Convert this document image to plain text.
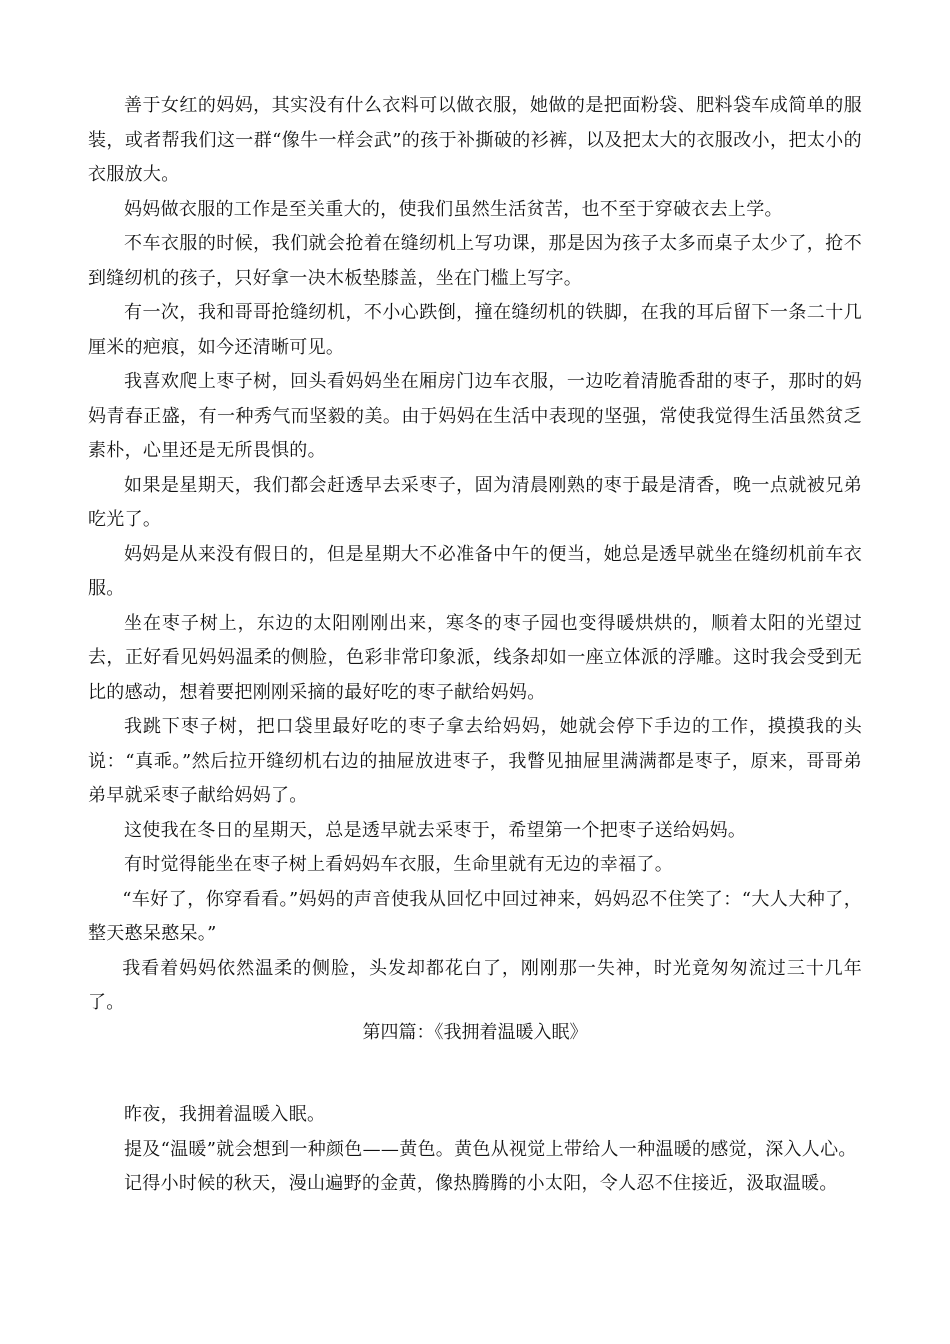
善于女红的妈妈，其实没有什么衣料可以做衣服，她做的是把面粉袋、肥料袋车成简单的服装，或者帮我们这一群“像牛一样会武”的孩于补撕破的衫裤，以及把太大的衣服改小，把太小的衣服放大。

妈妈做衣服的工作是至关重大的，使我们虽然生活贫苦，也不至于穿破衣去上学。

不车衣服的时候，我们就会抢着在缝纫机上写功课，那是因为孩子太多而桌子太少了，抢不到缝纫机的孩子，只好拿一决木板垫膝盖，坐在门槛上写字。

有一次，我和哥哥抢缝纫机，不小心跌倒，撞在缝纫机的铁脚，在我的耳后留下一条二十几厘米的疤痕，如今还清晰可见。

我喜欢爬上枣子树，回头看妈妈坐在厢房门边车衣服，一边吃着清脆香甜的枣子，那时的妈妈青春正盛，有一种秀气而坚毅的美。由于妈妈在生活中表现的坚强，常使我觉得生活虽然贫乏素朴，心里还是无所畏惧的。

如果是星期天，我们都会赶透早去采枣子，固为清晨刚熟的枣于最是清香，晚一点就被兄弟吃光了。

妈妈是从来没有假日的，但是星期大不必准备中午的便当，她总是透早就坐在缝纫机前车衣服。

坐在枣子树上，东边的太阳刚刚出来，寒冬的枣子园也变得暖烘烘的，顺着太阳的光望过去，正好看见妈妈温柔的侧脸，色彩非常印象派，线条却如一座立体派的浮雕。这时我会受到无比的感动，想着要把刚刚采摘的最好吃的枣子献给妈妈。

我跳下枣子树，把口袋里最好吃的枣子拿去给妈妈，她就会停下手边的工作，摸摸我的头说：“真乖。”然后拉开缝纫机右边的抽屉放进枣子，我瞥见抽屉里满满都是枣子，原来，哥哥弟弟早就采枣子献给妈妈了。

这使我在冬日的星期天，总是透早就去采枣于，希望第一个把枣子送给妈妈。

有时觉得能坐在枣子树上看妈妈车衣服，生命里就有无边的幸福了。

“车好了，你穿看看。”妈妈的声音使我从回忆中回过神来，妈妈忍不住笑了：“大人大种了，整天憨呆憨呆。”

我看着妈妈依然温柔的侧脸，头发却都花白了，刚刚那一失神，时光竟匆匆流过三十几年了。

第四篇：《我拥着温暖入眠》

昨夜，我拥着温暖入眠。

提及“温暖”就会想到一种颜色——黄色。黄色从视觉上带给人一种温暖的感觉，深入人心。

记得小时候的秋天，漫山遍野的金黄，像热腾腾的小太阳，令人忍不住接近，汲取温暖。
